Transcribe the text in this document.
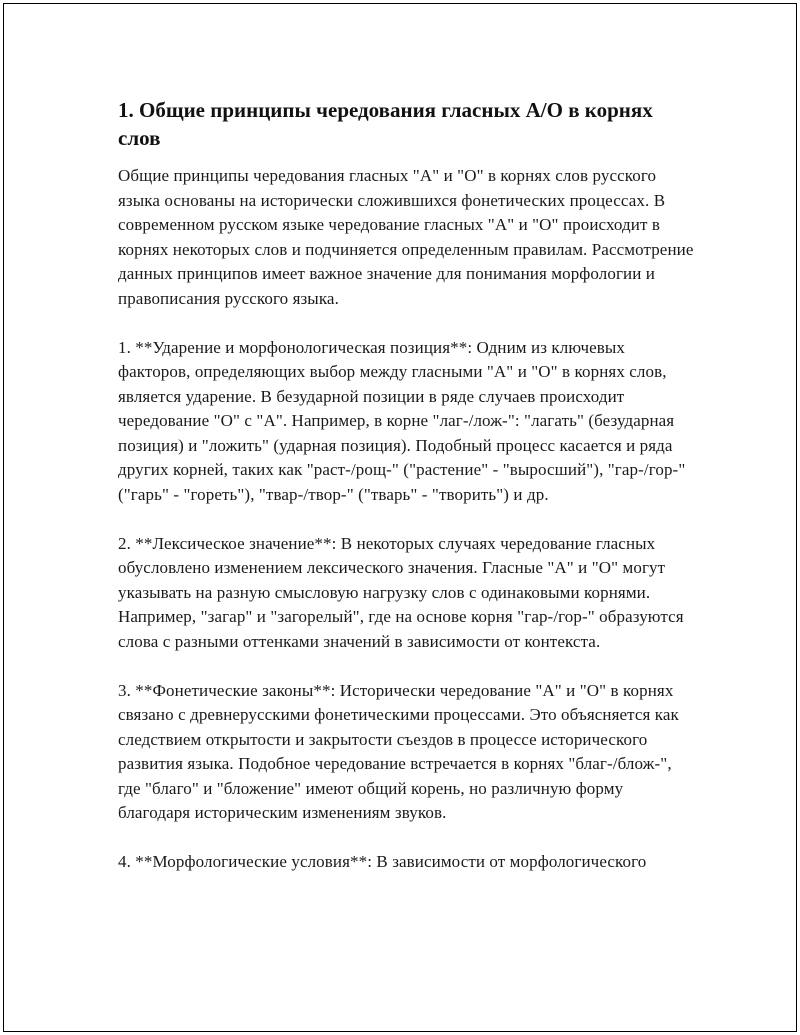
1. Общие принципы чередования гласных А/О в корнях слов

Общие принципы чередования гласных "А" и "О" в корнях слов русского языка основаны на исторически сложившихся фонетических процессах. В современном русском языке чередование гласных "А" и "О" происходит в корнях некоторых слов и подчиняется определенным правилам. Рассмотрение данных принципов имеет важное значение для понимания морфологии и правописания русского языка.

1. **Ударение и морфонологическая позиция**: Одним из ключевых факторов, определяющих выбор между гласными "А" и "О" в корнях слов, является ударение. В безударной позиции в ряде случаев происходит чередование "О" с "А". Например, в корне "лаг-/лож-": "лагать" (безударная позиция) и "ложить" (ударная позиция). Подобный процесс касается и ряда других корней, таких как "раст-/рощ-" ("растение" - "выросший"), "гар-/гор-" ("гарь" - "гореть"), "твар-/твор-" ("тварь" - "творить") и др.

2. **Лексическое значение**: В некоторых случаях чередование гласных обусловлено изменением лексического значения. Гласные "А" и "О" могут указывать на разную смысловую нагрузку слов с одинаковыми корнями. Например, "загар" и "загорелый", где на основе корня "гар-/гор-" образуются слова с разными оттенками значений в зависимости от контекста.

3. **Фонетические законы**: Исторически чередование "А" и "О" в корнях связано с древнерусскими фонетическими процессами. Это объясняется как следствием открытости и закрытости съездов в процессе исторического развития языка. Подобное чередование встречается в корнях "благ-/блож-", где "благо" и "бложение" имеют общий корень, но различную форму благодаря историческим изменениям звуков.

4. **Морфологические условия**: В зависимости от морфологического
